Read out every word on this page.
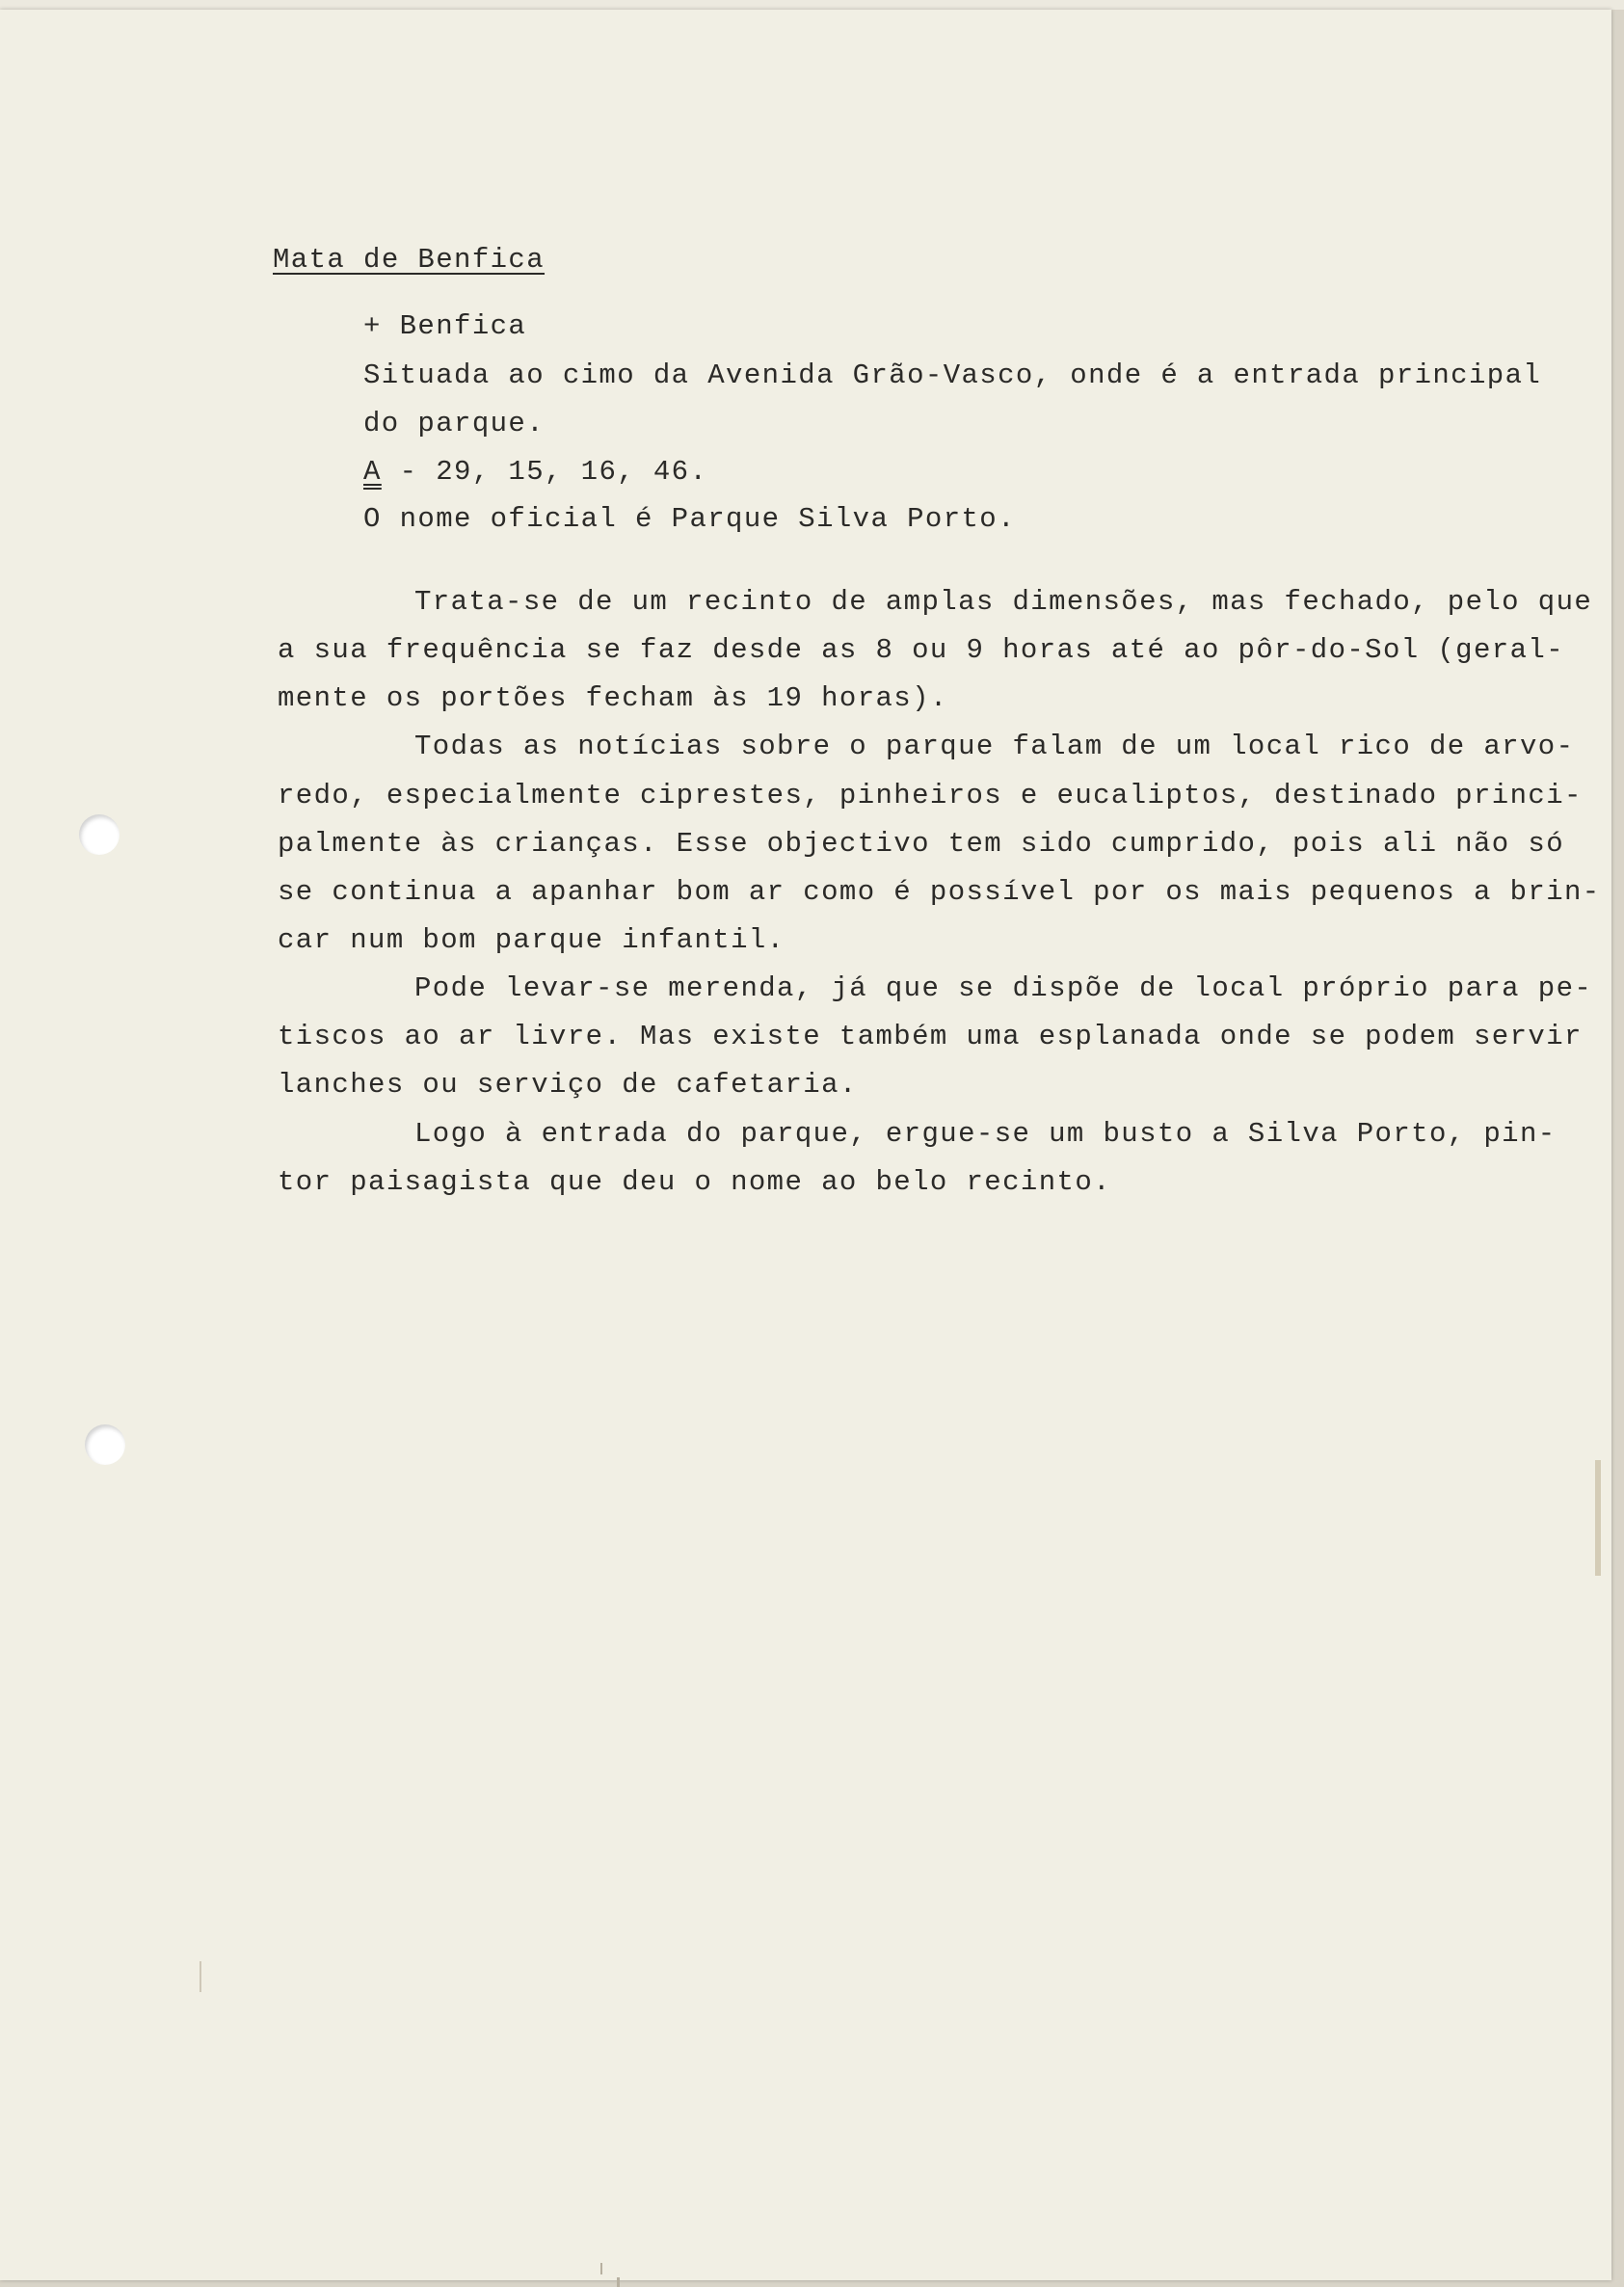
Mata de Benfica
+ Benfica
Situada ao cimo da Avenida Grão-Vasco, onde é a entrada principal
do parque.
A - 29, 15, 16, 46.
O nome oficial é Parque Silva Porto.
Trata-se de um recinto de amplas dimensões, mas fechado, pelo que
a sua frequência se faz desde as 8 ou 9 horas até ao pôr-do-Sol (geral-
mente os portões fecham às 19 horas).
Todas as notícias sobre o parque falam de um local rico de arvo-
redo, especialmente ciprestes, pinheiros e eucaliptos, destinado princi-
palmente às crianças. Esse objectivo tem sido cumprido, pois ali não só
se continua a apanhar bom ar como é possível por os mais pequenos a brin-
car num bom parque infantil.
Pode levar-se merenda, já que se dispõe de local próprio para pe-
tiscos ao ar livre. Mas existe também uma esplanada onde se podem servir
lanches ou serviço de cafetaria.
Logo à entrada do parque, ergue-se um busto a Silva Porto, pin-
tor paisagista que deu o nome ao belo recinto.
